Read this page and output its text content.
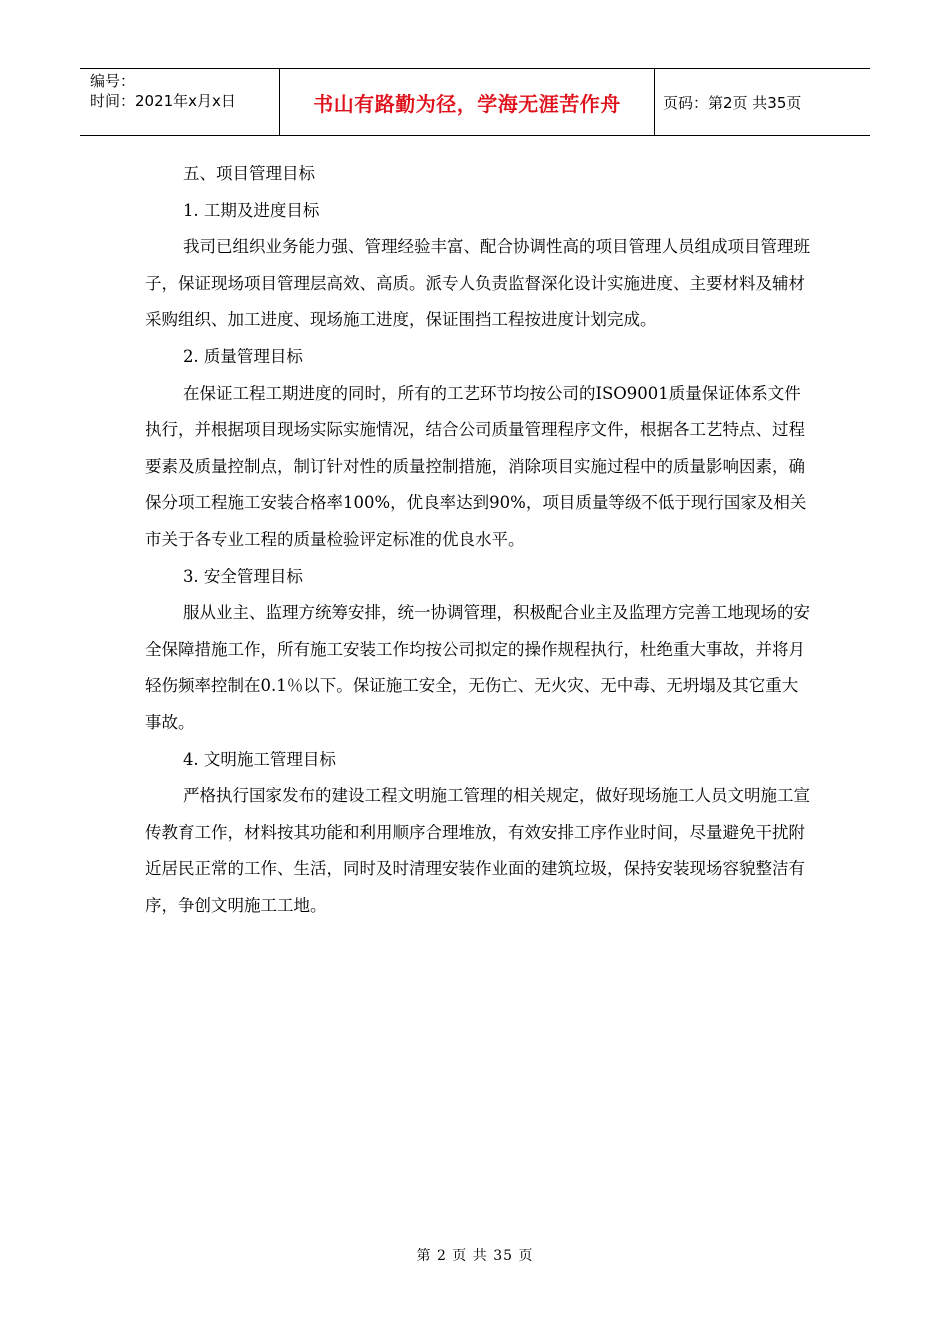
编号：
时间：2021年x月x日	书山有路勤为径，学海无涯苦作舟	页码：第2页 共35页

五、项目管理目标

1. 工期及进度目标

我司已组织业务能力强、管理经验丰富、配合协调性高的项目管理人员组成项目管理班子，保证现场项目管理层高效、高质。派专人负责监督深化设计实施进度、主要材料及辅材采购组织、加工进度、现场施工进度，保证围挡工程按进度计划完成。

2. 质量管理目标

在保证工程工期进度的同时，所有的工艺环节均按公司的ISO9001质量保证体系文件执行，并根据项目现场实际实施情况，结合公司质量管理程序文件，根据各工艺特点、过程要素及质量控制点，制订针对性的质量控制措施，消除项目实施过程中的质量影响因素，确保分项工程施工安装合格率100%，优良率达到90%，项目质量等级不低于现行国家及相关市关于各专业工程的质量检验评定标准的优良水平。

3. 安全管理目标

服从业主、监理方统筹安排，统一协调管理，积极配合业主及监理方完善工地现场的安全保障措施工作，所有施工安装工作均按公司拟定的操作规程执行，杜绝重大事故，并将月轻伤频率控制在0.1％以下。保证施工安全，无伤亡、无火灾、无中毒、无坍塌及其它重大事故。

4. 文明施工管理目标

严格执行国家发布的建设工程文明施工管理的相关规定，做好现场施工人员文明施工宣传教育工作，材料按其功能和利用顺序合理堆放，有效安排工序作业时间，尽量避免干扰附近居民正常的工作、生活，同时及时清理安装作业面的建筑垃圾，保持安装现场容貌整洁有序，争创文明施工工地。

第 2 页 共 35 页
